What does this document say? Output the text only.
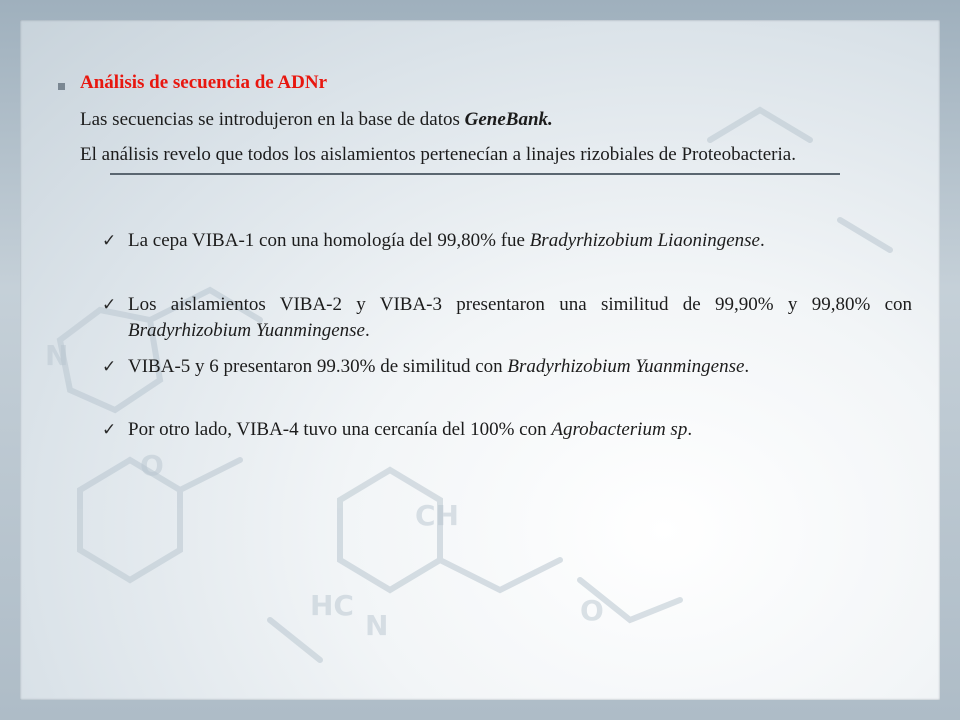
N
O
HC
N
CH
O
Análisis de secuencia de ADNr
Las secuencias se introdujeron en la base de datos GeneBank.
El análisis revelo que todos los aislamientos pertenecían a linajes rizobiales de Proteobacteria.
✓ La cepa VIBA-1 con una homología del 99,80% fue Bradyrhizobium Liaoningense.
✓ Los aislamientos VIBA-2 y VIBA-3 presentaron una similitud de 99,90% y 99,80% con Bradyrhizobium Yuanmingense.
✓ VIBA-5 y 6 presentaron 99.30% de similitud con Bradyrhizobium Yuanmingense.
✓ Por otro lado, VIBA-4 tuvo una cercanía del 100% con Agrobacterium sp.
